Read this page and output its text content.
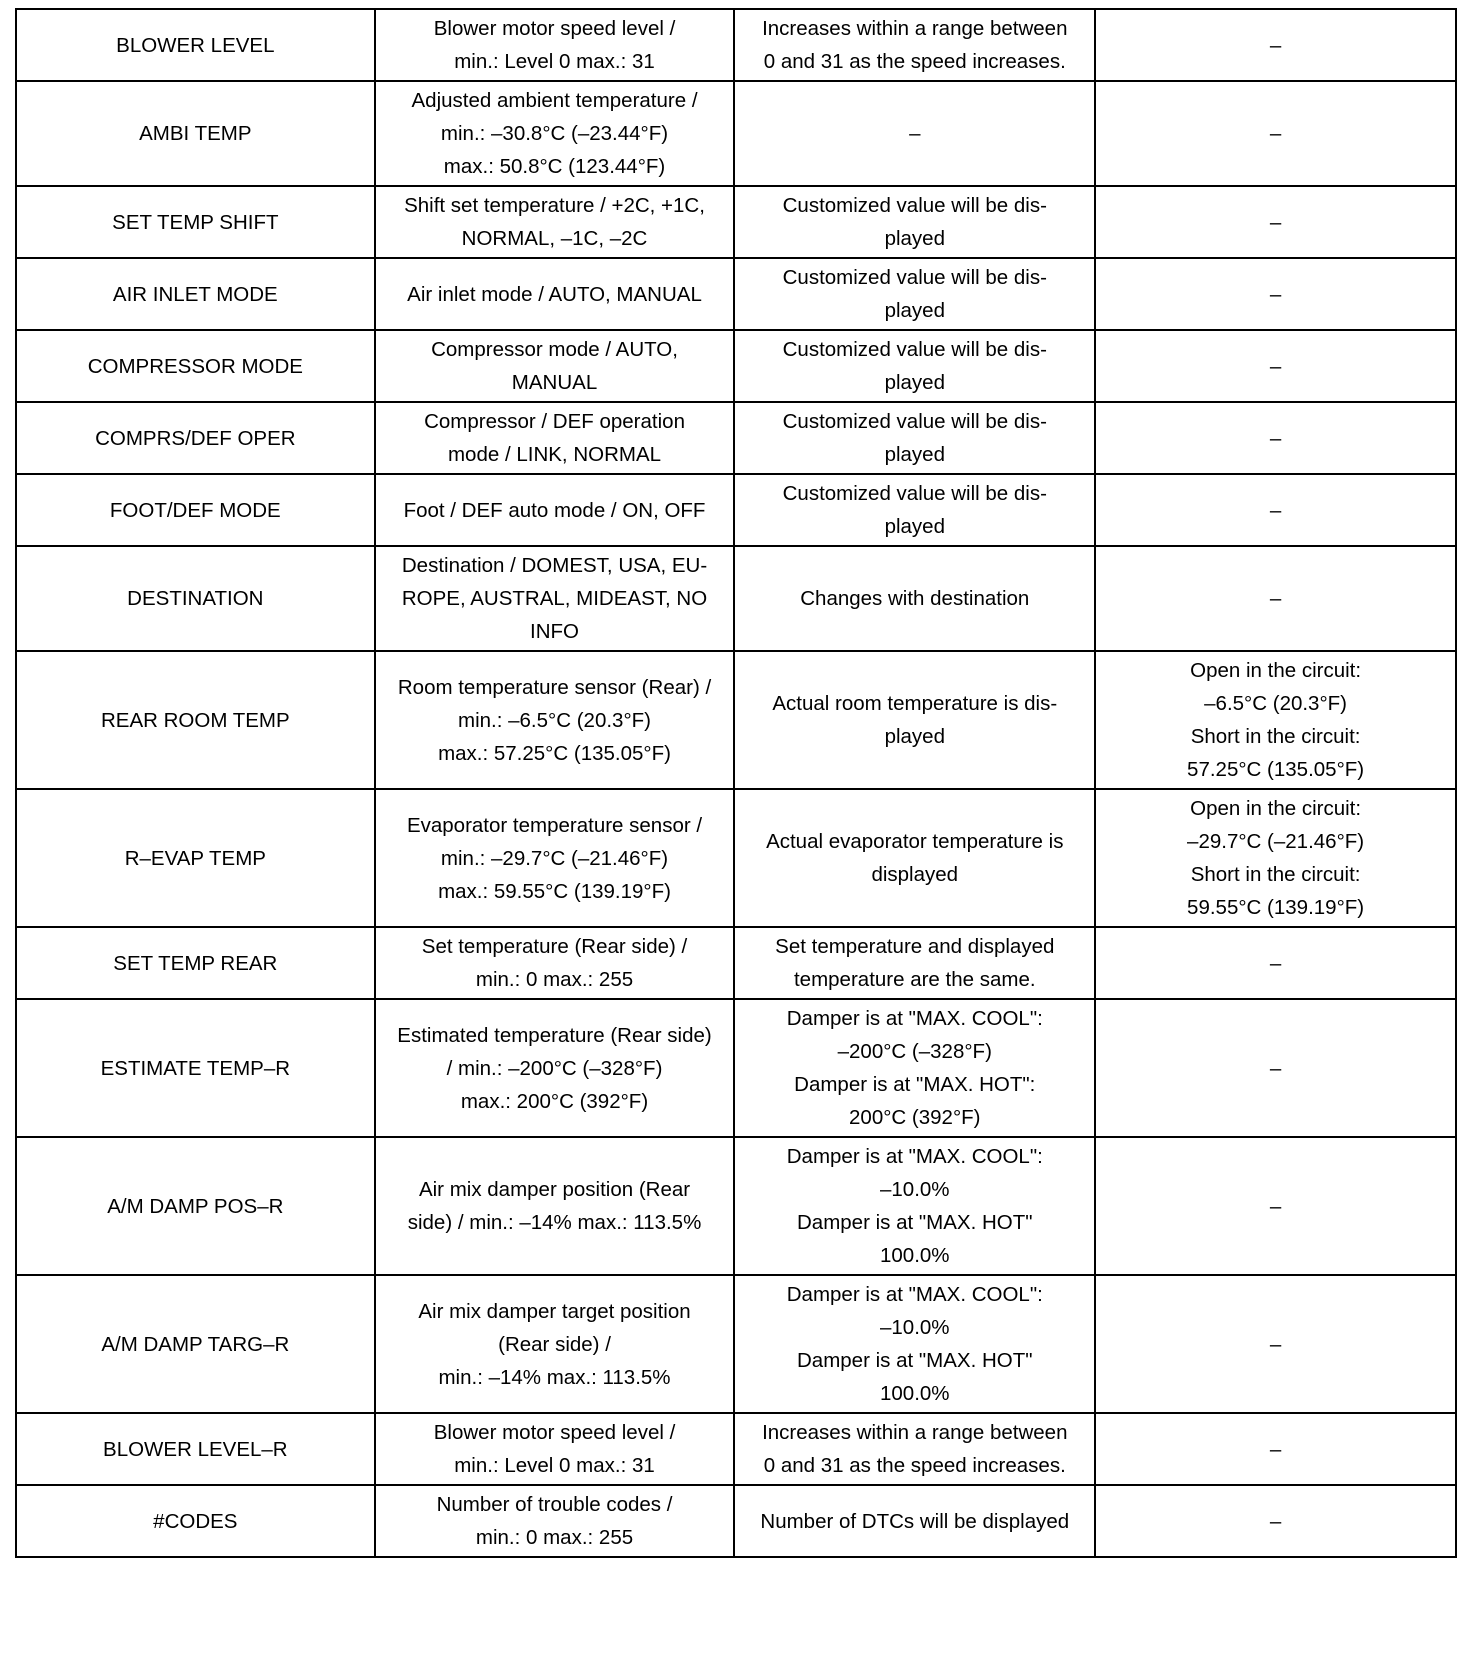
BLOWER LEVEL	Blower motor speed level /
min.: Level 0 max.: 31	Increases within a range between
0 and 31 as the speed increases.	–
AMBI TEMP	Adjusted ambient temperature /
min.: –30.8°C (–23.44°F)
max.: 50.8°C (123.44°F)	–	–
SET TEMP SHIFT	Shift set temperature / +2C, +1C,
NORMAL, –1C, –2C	Customized value will be dis-
played	–
AIR INLET MODE	Air inlet mode / AUTO, MANUAL	Customized value will be dis-
played	–
COMPRESSOR MODE	Compressor mode / AUTO,
MANUAL	Customized value will be dis-
played	–
COMPRS/DEF OPER	Compressor / DEF operation
mode / LINK, NORMAL	Customized value will be dis-
played	–
FOOT/DEF MODE	Foot / DEF auto mode / ON, OFF	Customized value will be dis-
played	–
DESTINATION	Destination / DOMEST, USA, EU-
ROPE, AUSTRAL, MIDEAST, NO
INFO	Changes with destination	–
REAR ROOM TEMP	Room temperature sensor (Rear) /
min.: –6.5°C (20.3°F)
max.: 57.25°C (135.05°F)	Actual room temperature is dis-
played	Open in the circuit:
–6.5°C (20.3°F)
Short in the circuit:
57.25°C (135.05°F)
R–EVAP TEMP	Evaporator temperature sensor /
min.: –29.7°C (–21.46°F)
max.: 59.55°C (139.19°F)	Actual evaporator temperature is
displayed	Open in the circuit:
–29.7°C (–21.46°F)
Short in the circuit:
59.55°C (139.19°F)
SET TEMP REAR	Set temperature (Rear side) /
min.: 0 max.: 255	Set temperature and displayed
temperature are the same.	–
ESTIMATE TEMP–R	Estimated temperature (Rear side)
/ min.: –200°C (–328°F)
max.: 200°C (392°F)	Damper is at "MAX. COOL":
–200°C (–328°F)
Damper is at "MAX. HOT":
200°C (392°F)	–
A/M DAMP POS–R	Air mix damper position (Rear
side) / min.: –14% max.: 113.5%	Damper is at "MAX. COOL":
–10.0%
Damper is at "MAX. HOT"
100.0%	–
A/M DAMP TARG–R	Air mix damper target position
(Rear side) /
min.: –14% max.: 113.5%	Damper is at "MAX. COOL":
–10.0%
Damper is at "MAX. HOT"
100.0%	–
BLOWER LEVEL–R	Blower motor speed level /
min.: Level 0 max.: 31	Increases within a range between
0 and 31 as the speed increases.	–
#CODES	Number of trouble codes /
min.: 0 max.: 255	Number of DTCs will be displayed	–
